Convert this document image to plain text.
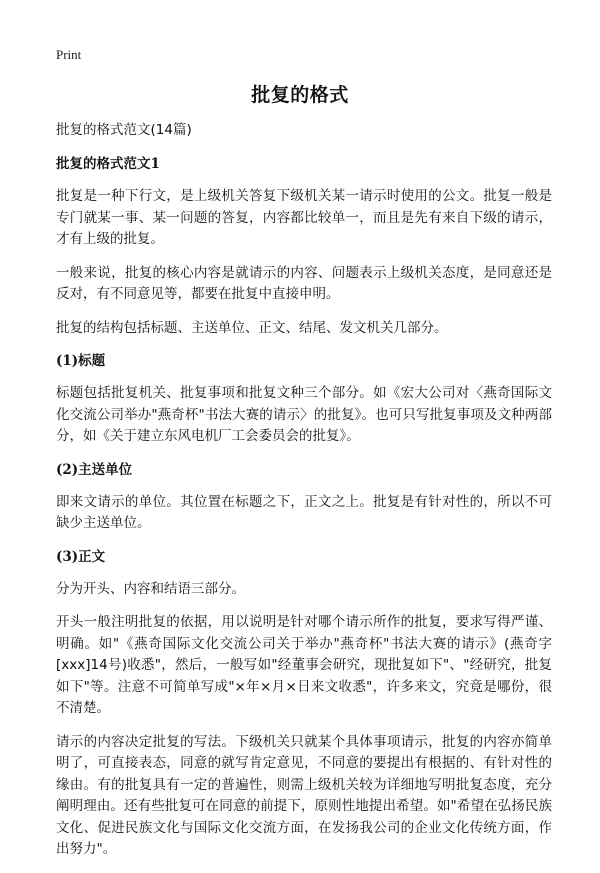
Print
批复的格式
批复的格式范文(14篇)
批复的格式范文1
批复是一种下行文，是上级机关答复下级机关某一请示时使用的公文。批复一般是专门就某一事、某一问题的答复，内容都比较单一，而且是先有来自下级的请示，才有上级的批复。
一般来说，批复的核心内容是就请示的内容、问题表示上级机关态度，是同意还是反对，有不同意见等，都要在批复中直接申明。
批复的结构包括标题、主送单位、正文、结尾、发文机关几部分。
(1)标题
标题包括批复机关、批复事项和批复文种三个部分。如《宏大公司对〈燕奇国际文化交流公司举办"燕奇杯"书法大赛的请示〉的批复》。也可只写批复事项及文种两部分，如《关于建立东风电机厂工会委员会的批复》。
(2)主送单位
即来文请示的单位。其位置在标题之下，正文之上。批复是有针对性的，所以不可缺少主送单位。
(3)正文
分为开头、内容和结语三部分。
开头一般注明批复的依据，用以说明是针对哪个请示所作的批复，要求写得严谨、明确。如"《燕奇国际文化交流公司关于举办"燕奇杯"书法大赛的请示》(燕奇字[xxx]14号)收悉"，然后，一般写如"经董事会研究，现批复如下"、"经研究，批复如下"等。注意不可简单写成"×年×月×日来文收悉"，许多来文，究竟是哪份，很不清楚。
请示的内容决定批复的写法。下级机关只就某个具体事项请示，批复的内容亦简单明了，可直接表态，同意的就写肯定意见，不同意的要提出有根据的、有针对性的缘由。有的批复具有一定的普遍性，则需上级机关较为详细地写明批复态度，充分阐明理由。还有些批复可在同意的前提下，原则性地提出希望。如"希望在弘扬民族文化、促进民族文化与国际文化交流方面，在发扬我公司的企业文化传统方面，作出努力"。
